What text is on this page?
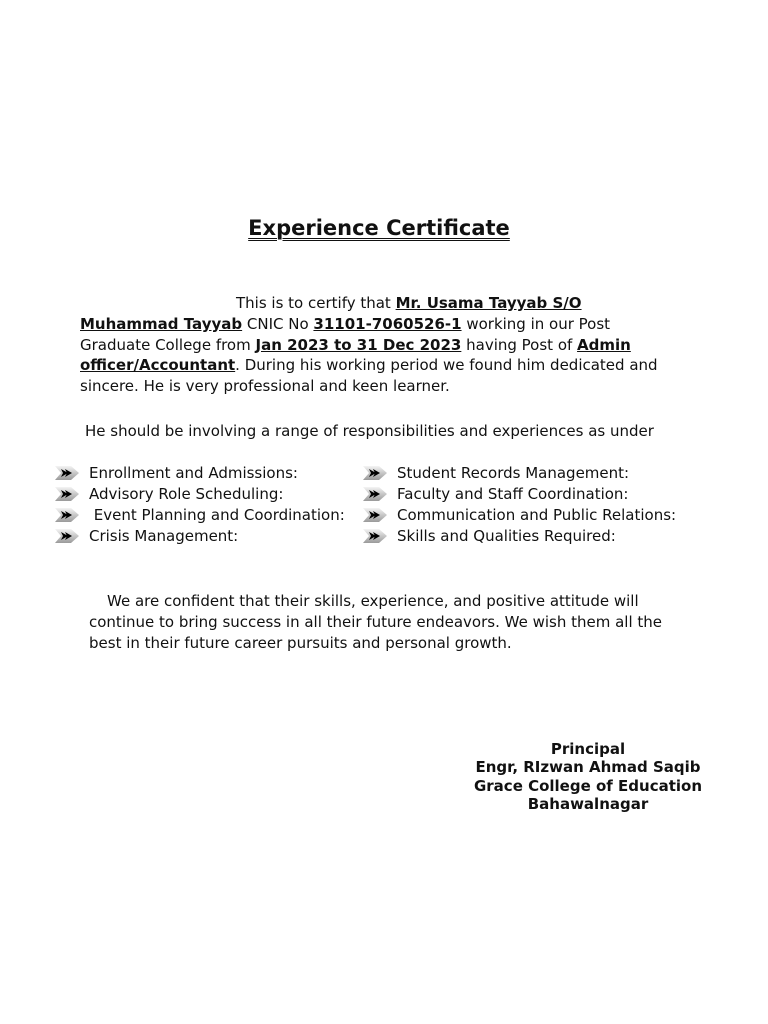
Experience Certificate

This is to certify that Mr. Usama Tayyab S/O Muhammad Tayyab CNIC No 31101-7060526-1 working in our Post Graduate College from Jan 2023 to 31 Dec 2023 having Post of Admin officer/Accountant. During his working period we found him dedicated and sincere. He is very professional and keen learner.

He should be involving a range of responsibilities and experiences as under
Enrollment and Admissions:
Advisory Role Scheduling:
Event Planning and Coordination:
Crisis Management:
Student Records Management:
Faculty and Staff Coordination:
Communication and Public Relations:
Skills and Qualities Required:

We are confident that their skills, experience, and positive attitude will continue to bring success in all their future endeavors. We wish them all the best in their future career pursuits and personal growth.

Principal
Engr, RIzwan Ahmad Saqib
Grace College of Education
Bahawalnagar
